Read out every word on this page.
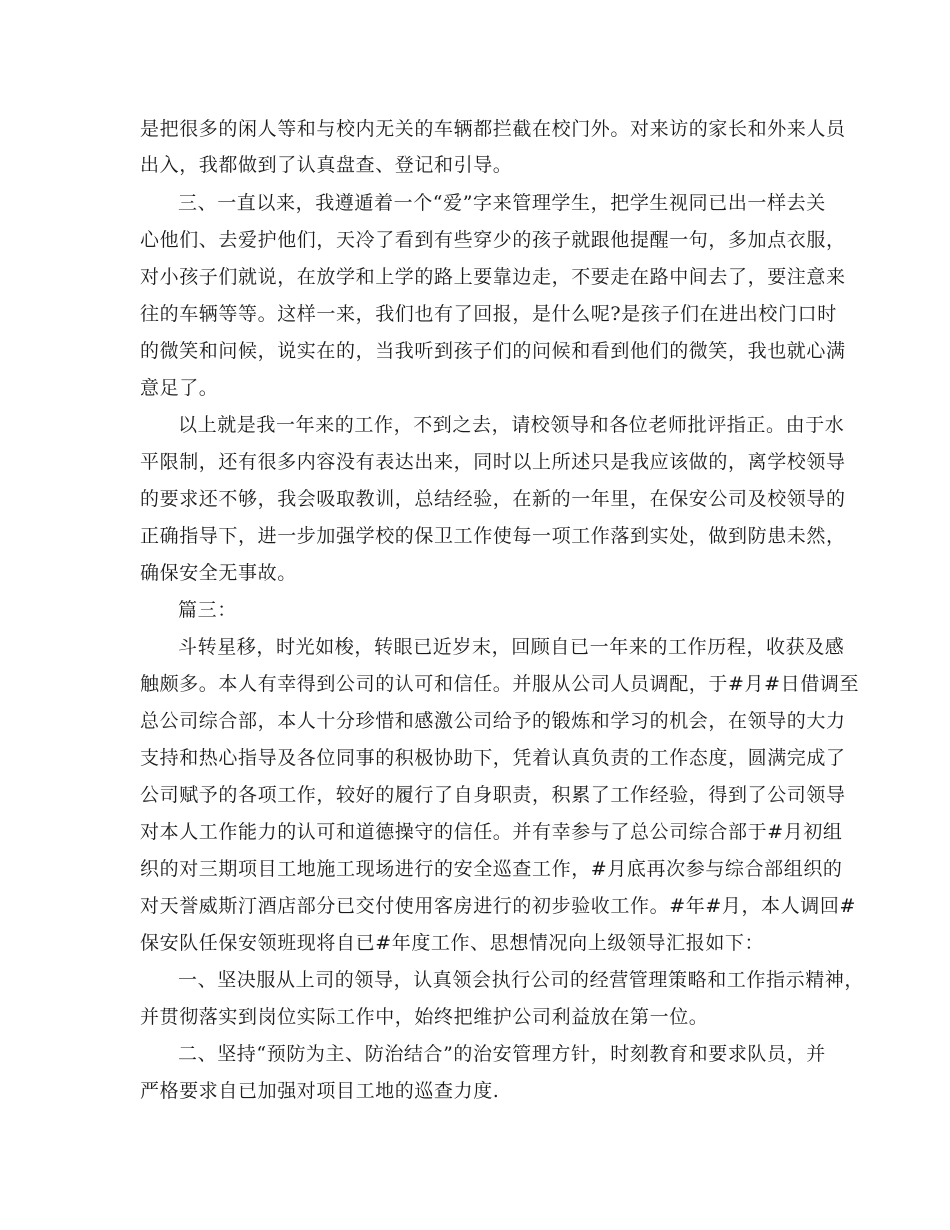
是把很多的闲人等和与校内无关的车辆都拦截在校门外。对来访的家长和外来人员
出入，我都做到了认真盘查、登记和引导。
三、一直以来，我遵遁着一个“爱”字来管理学生，把学生视同已出一样去关
心他们、去爱护他们，天冷了看到有些穿少的孩子就跟他提醒一句，多加点衣服，
对小孩子们就说，在放学和上学的路上要靠边走，不要走在路中间去了，要注意来
往的车辆等等。这样一来，我们也有了回报，是什么呢?是孩子们在进出校门口时
的微笑和问候，说实在的，当我听到孩子们的问候和看到他们的微笑，我也就心满
意足了。
以上就是我一年来的工作，不到之去，请校领导和各位老师批评指正。由于水
平限制，还有很多内容没有表达出来，同时以上所述只是我应该做的，离学校领导
的要求还不够，我会吸取教训，总结经验，在新的一年里，在保安公司及校领导的
正确指导下，进一步加强学校的保卫工作使每一项工作落到实处，做到防患未然，
确保安全无事故。
篇三：
斗转星移，时光如梭，转眼已近岁末，回顾自已一年来的工作历程，收获及感
触颇多。本人有幸得到公司的认可和信任。并服从公司人员调配，于#月#日借调至
总公司综合部，本人十分珍惜和感激公司给予的锻炼和学习的机会，在领导的大力
支持和热心指导及各位同事的积极协助下，凭着认真负责的工作态度，圆满完成了
公司赋予的各项工作，较好的履行了自身职责，积累了工作经验，得到了公司领导
对本人工作能力的认可和道德操守的信任。并有幸参与了总公司综合部于#月初组
织的对三期项目工地施工现场进行的安全巡查工作，#月底再次参与综合部组织的
对天誉威斯汀酒店部分已交付使用客房进行的初步验收工作。#年#月，本人调回#
保安队任保安领班现将自已#年度工作、思想情况向上级领导汇报如下：
一、坚决服从上司的领导，认真领会执行公司的经营管理策略和工作指示精神，
并贯彻落实到岗位实际工作中，始终把维护公司利益放在第一位。
二、坚持“预防为主、防治结合”的治安管理方针，时刻教育和要求队员，并
严格要求自已加强对项目工地的巡查力度.
